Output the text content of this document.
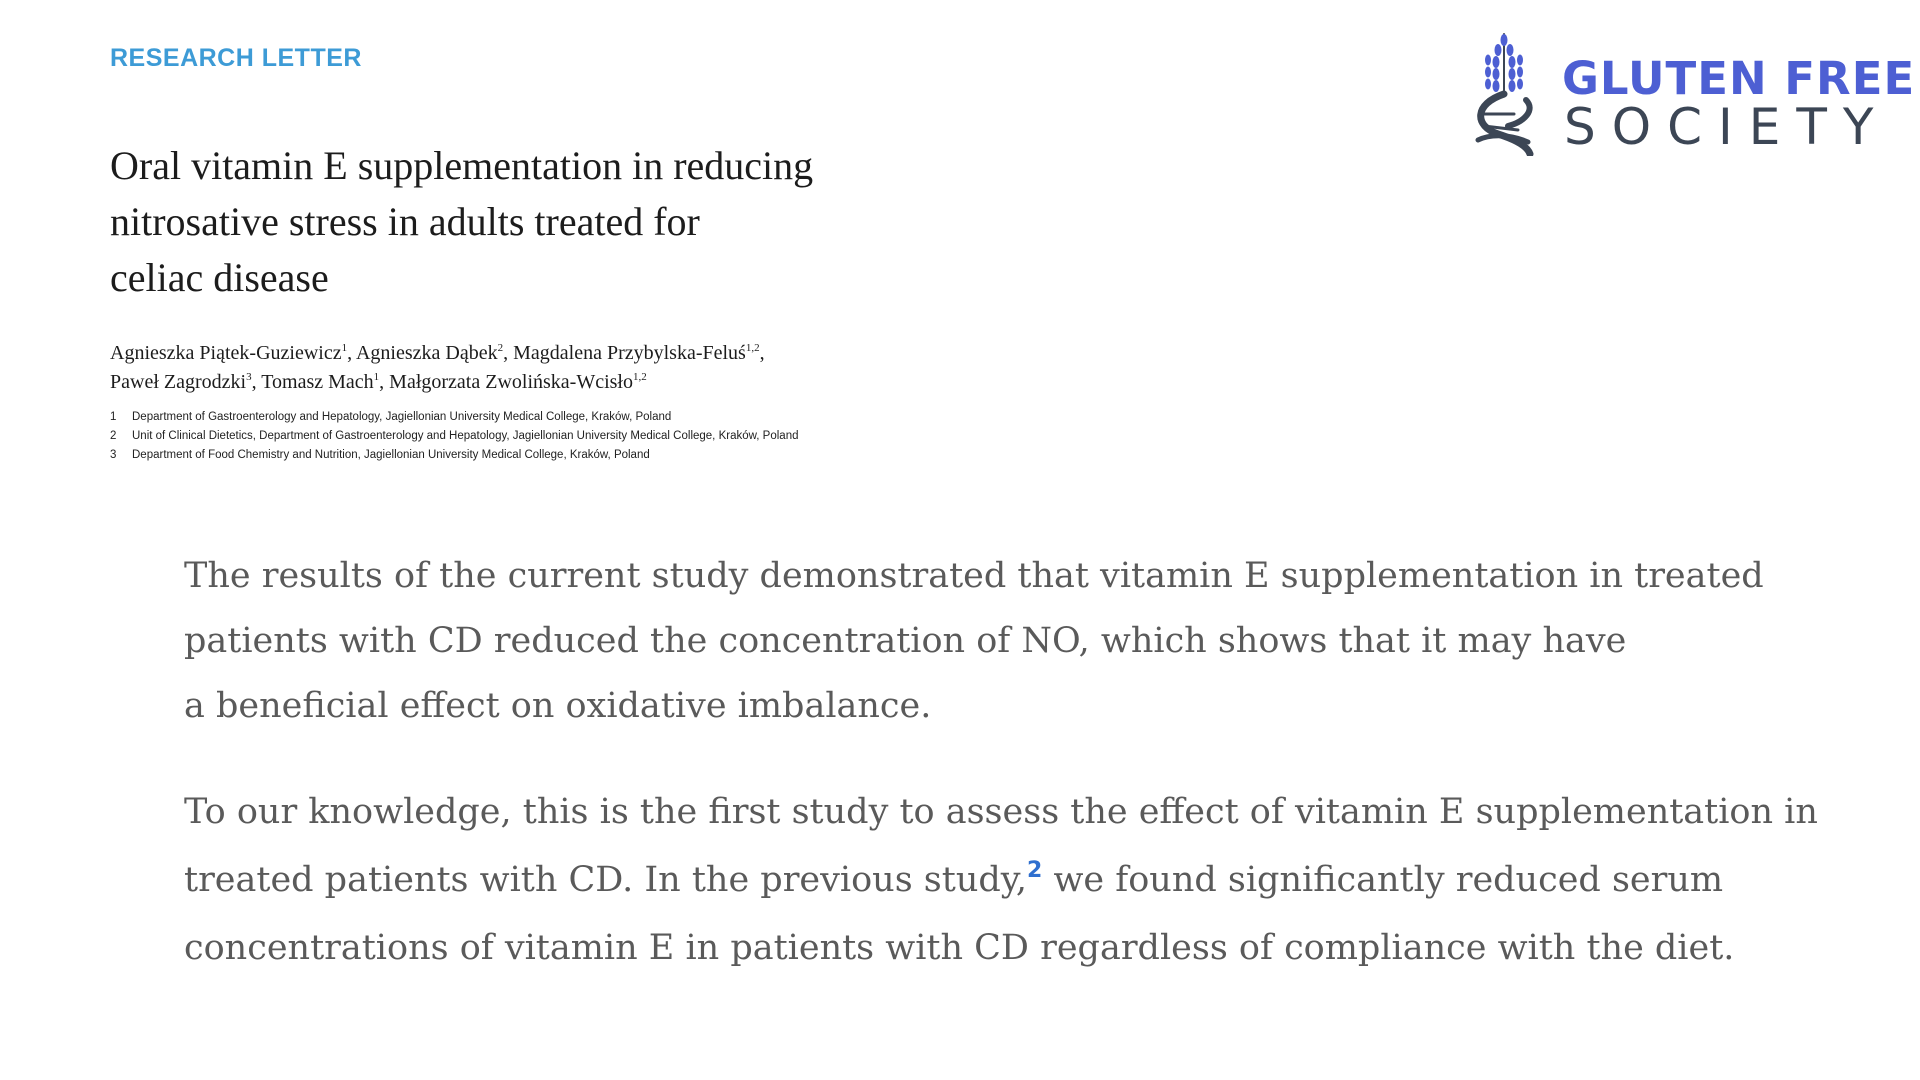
RESEARCH LETTER
Oral vitamin E supplementation in reducing
nitrosative stress in adults treated for
celiac disease
Agnieszka Piątek-Guziewicz$^1$, Agnieszka Dąbek$^2$, Magdalena Przybylska-Feluś$^{1,2}$,
Paweł Zagrodzki$^3$, Tomasz Mach$^1$, Małgorzata Zwolińska-Wcisło$^{1,2}$
1	Department of Gastroenterology and Hepatology, Jagiellonian University Medical College, Kraków, Poland
2	Unit of Clinical Dietetics, Department of Gastroenterology and Hepatology, Jagiellonian University Medical College, Kraków, Poland
3	Department of Food Chemistry and Nutrition, Jagiellonian University Medical College, Kraków, Poland
GLUTEN FREE
SOCIETY

The results of the current study demonstrated that vitamin E supplementation in treated
patients with CD reduced the concentration of NO, which shows that it may have
a beneficial effect on oxidative imbalance.

To our knowledge, this is the first study to assess the effect of vitamin E supplementation in
treated patients with CD. In the previous study,$^2$ we found significantly reduced serum
concentrations of vitamin E in patients with CD regardless of compliance with the diet.
